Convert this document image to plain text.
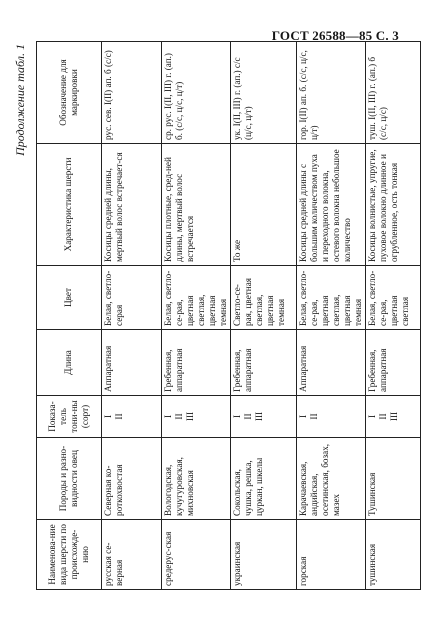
ГОСТ 26588—85 С. 3
Продолжение табл. 1
Наименова-ние вида шерсти по происхожде-нию	Породы и разно-видности овец	Показа-тель тони-ны (сорт)	Длина	Цвет	Характеристика шерсти	Обозначение для маркировки
русская се-верная	Северная ко-роткохвостая	I II	Аппаратная	Белая, светло-серая	Косицы средней длины, мертвый волос встречает-ся	рус. сев. I(II) ап. б (с/с)
средерус-ская	Вологодская, кучугуровская, михновская	I II III	Гребенная, аппаратная	Белая, светло-се-рая, цветная светлая, цветная темная	Косицы плотные, сред-ней длины, мертвый волос встречается	ср. рус. I(II, III) г. (ап.) б. (с/с, ц/с, ц/т)
украинская	Сокольская, чушка, решка, цуркан, шкелы	I II III	Гребенная, аппаратная	Светло-се-рая, цветная светлая, цветная темная	То же	ук. I(II, III) г. (ап.) с/с (ц/с, ц/т)
горская	Карачаевская, андийская, осетинская, бозах, мазех	I II	Аппаратная	Белая, светло-се-рая, цветная светлая, цветная темная	Косицы средней длины с большим количеством пуха и переходного волокна, остевого волокна небольшое количество	гор. I(II) ап. б. (с/с, ц/с, ц/т)
тушинская	Тушинская	I II III	Гребенная, аппаратная	Белая, светло-се-рая, цветная светлая	Косицы волнистые, упругие, пуховое волокно длинное и огрубленное, ость тонкая	туш. I(II, III) г. (ап.) б (с/с, ц/с)
